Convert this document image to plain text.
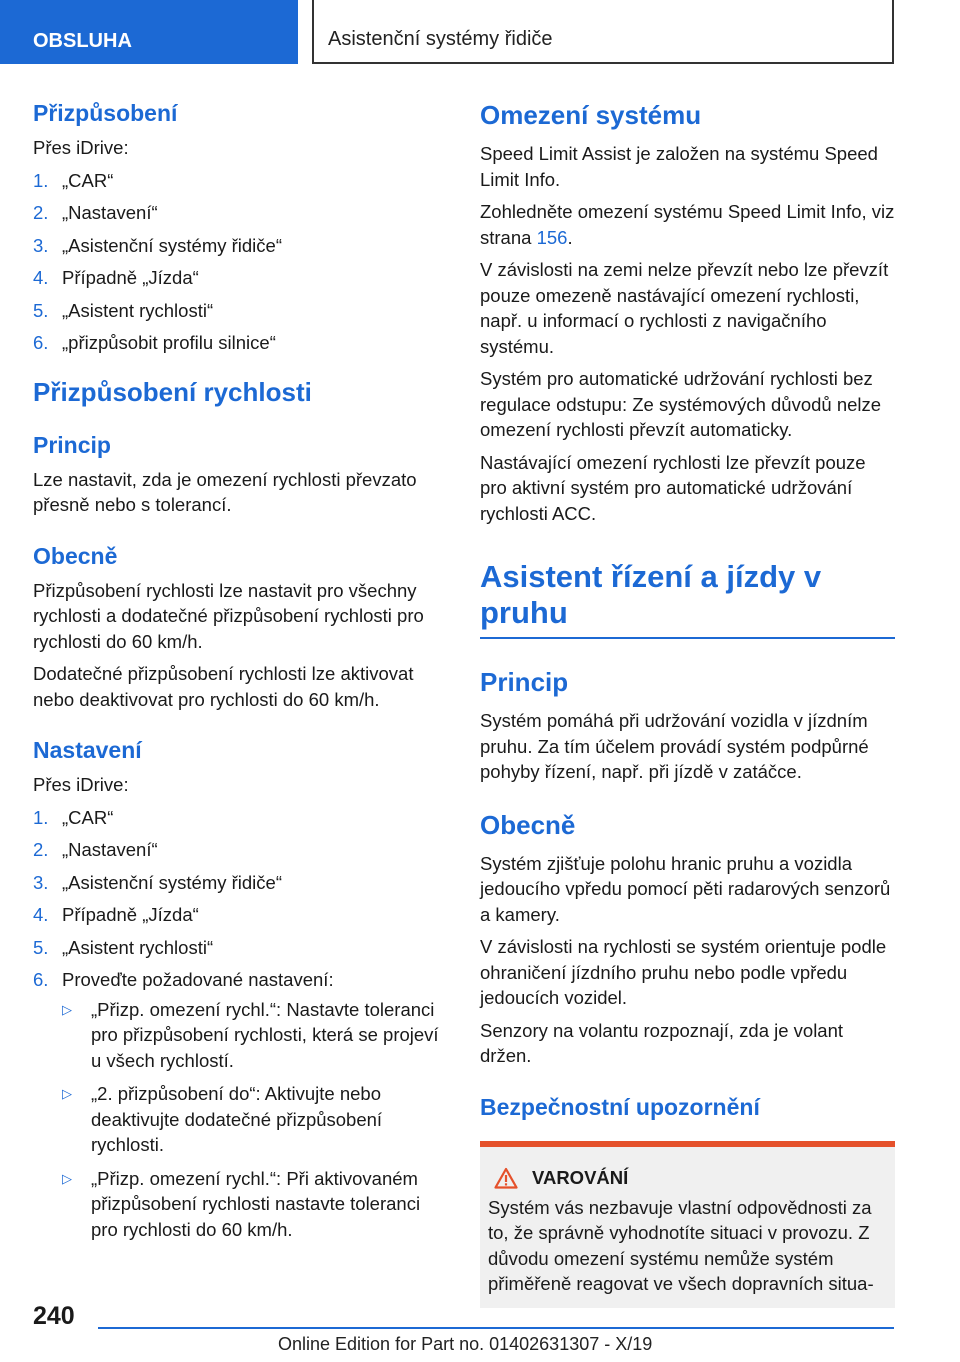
OBSLUHA	Asistenční systémy řidiče
Přizpůsobení

Přes iDrive:

1. „CAR“
2. „Nastavení“
3. „Asistenční systémy řidiče“
4. Případně „Jízda“
5. „Asistent rychlosti“
6. „přizpůsobit profilu silnice“
Přizpůsobení rychlosti
Princip

Lze nastavit, zda je omezení rychlosti převzato přesně nebo s tolerancí.

Obecně

Přizpůsobení rychlosti lze nastavit pro všechny rychlosti a dodatečné přizpůsobení rychlosti pro rychlosti do 60 km/h.

Dodatečné přizpůsobení rychlosti lze aktivovat nebo deaktivovat pro rychlosti do 60 km/h.

Nastavení

Přes iDrive:

1. „CAR“
2. „Nastavení“
3. „Asistenční systémy řidiče“
4. Případně „Jízda“
5. „Asistent rychlosti“
6. Proveďte požadované nastavení:
▷ „Přizp. omezení rychl.“: Nastavte toleranci pro přizpůsobení rychlosti, která se projeví u všech rychlostí.
▷ „2. přizpůsobení do“: Aktivujte nebo deaktivujte dodatečné přizpůsobení rychlosti.
▷ „Přizp. omezení rychl.“: Při aktivovaném přizpůsobení rychlosti nastavte toleranci pro rychlosti do 60 km/h.
Omezení systému

Speed Limit Assist je založen na systému Speed Limit Info.

Zohledněte omezení systému Speed Limit Info, viz strana 156.

V závislosti na zemi nelze převzít nebo lze převzít pouze omezeně nastávající omezení rychlosti, např. u informací o rychlosti z navigačního systému.

Systém pro automatické udržování rychlosti bez regulace odstupu: Ze systémových důvodů nelze omezení rychlosti převzít automaticky.

Nastávající omezení rychlosti lze převzít pouze pro aktivní systém pro automatické udržování rychlosti ACC.

Asistent řízení a jízdy v pruhu
Princip

Systém pomáhá při udržování vozidla v jízdním pruhu. Za tím účelem provádí systém podpůrné pohyby řízení, např. při jízdě v zatáčce.

Obecně

Systém zjišťuje polohu hranic pruhu a vozidla jedoucího vpředu pomocí pěti radarových senzorů a kamery.

V závislosti na rychlosti se systém orientuje podle ohraničení jízdního pruhu nebo podle vpředu jedoucích vozidel.

Senzory na volantu rozpoznají, zda je volant držen.

Bezpečnostní upozornění
VAROVÁNÍ

Systém vás nezbavuje vlastní odpovědnosti za to, že správně vyhodnotíte situaci v provozu. Z důvodu omezení systému nemůže systém přiměřeně reagovat ve všech dopravních situa-

240
Online Edition for Part no. 01402631307 - X/19
